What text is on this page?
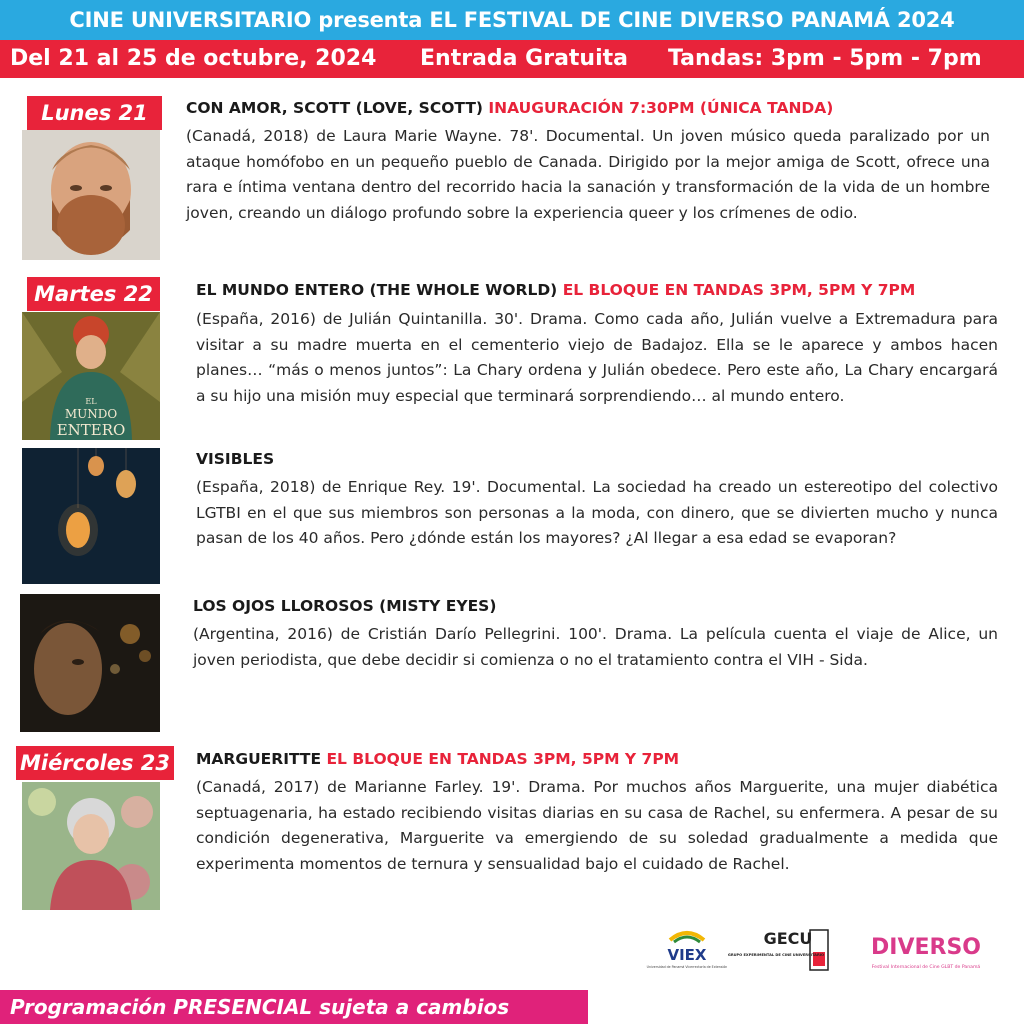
CINE UNIVERSITARIO presenta EL FESTIVAL DE CINE DIVERSO PANAMÁ 2024
Del 21 al 25 de octubre, 2024 Entrada Gratuita Tandas: 3pm - 5pm - 7pm
Lunes 21	CON AMOR, SCOTT (LOVE, SCOTT) INAUGURACIÓN 7:30PM (ÚNICA TANDA)
(Canadá, 2018) de Laura Marie Wayne. 78'. Documental. Un joven músico queda paralizado por un ataque homófobo en un pequeño pueblo de Canada. Dirigido por la mejor amiga de Scott, ofrece una rara e íntima ventana dentro del recorrido hacia la sanación y transformación de la vida de un hombre joven, creando un diálogo profundo sobre la experiencia queer y los crímenes de odio.
Martes 22
EL
MUNDO
ENTERO
EL MUNDO ENTERO (THE WHOLE WORLD) EL BLOQUE EN TANDAS 3PM, 5PM Y 7PM
(España, 2016) de Julián Quintanilla. 30'. Drama. Como cada año, Julián vuelve a Extremadura para visitar a su madre muerta en el cementerio viejo de Badajoz. Ella se le aparece y ambos hacen planes… “más o menos juntos”: La Chary ordena y Julián obedece. Pero este año, La Chary encargará a su hijo una misión muy especial que terminará sorprendiendo… al mundo entero.
VISIBLES
(España, 2018) de Enrique Rey. 19'. Documental. La sociedad ha creado un estereotipo del colectivo LGTBI en el que sus miembros son personas a la moda, con dinero, que se divierten mucho y nunca pasan de los 40 años. Pero ¿dónde están los mayores? ¿Al llegar a esa edad se evaporan?
LOS OJOS LLOROSOS (MISTY EYES)
(Argentina, 2016) de Cristián Darío Pellegrini. 100'. Drama. La película cuenta el viaje de Alice, un joven periodista, que debe decidir si comienza o no el tratamiento contra el VIH - Sida.
Miércoles 23 MARGUERITTE EL BLOQUE EN TANDAS 3PM, 5PM Y 7PM
(Canadá, 2017) de Marianne Farley. 19'. Drama. Por muchos años Marguerite, una mujer diabética septuagenaria, ha estado recibiendo visitas diarias en su casa de Rachel, su enfermera. A pesar de su condición degenerativa, Marguerite va emergiendo de su soledad gradualmente a medida que experimenta momentos de ternura y sensualidad bajo el cuidado de Rachel.
VIEX
Universidad de Panamá Vicerrectoría de Extensión
GECU
GRUPO EXPERIMENTAL DE CINE UNIVERSITARIO DIVERSO
Festival Internacional de Cine GLBT de Panamá
Programación PRESENCIAL sujeta a cambios
